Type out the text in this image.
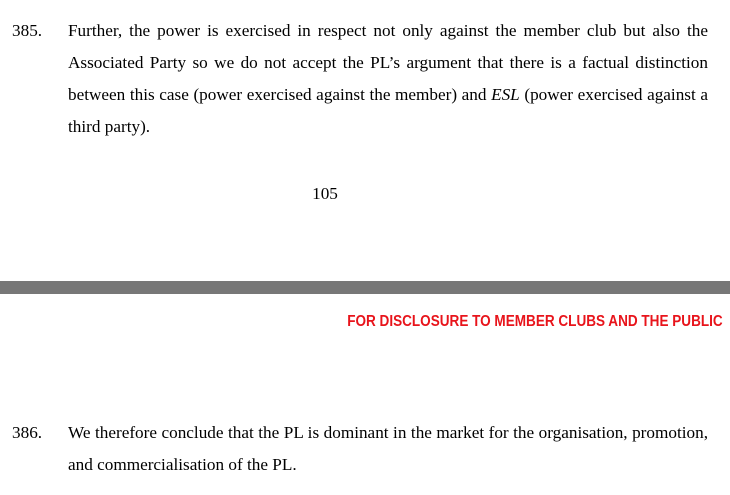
385. Further, the power is exercised in respect not only against the member club but also the Associated Party so we do not accept the PL’s argument that there is a factual distinction between this case (power exercised against the member) and ESL (power exercised against a third party).
105
FOR DISCLOSURE TO MEMBER CLUBS AND THE PUBLIC
386. We therefore conclude that the PL is dominant in the market for the organisation, promotion, and commercialisation of the PL.
